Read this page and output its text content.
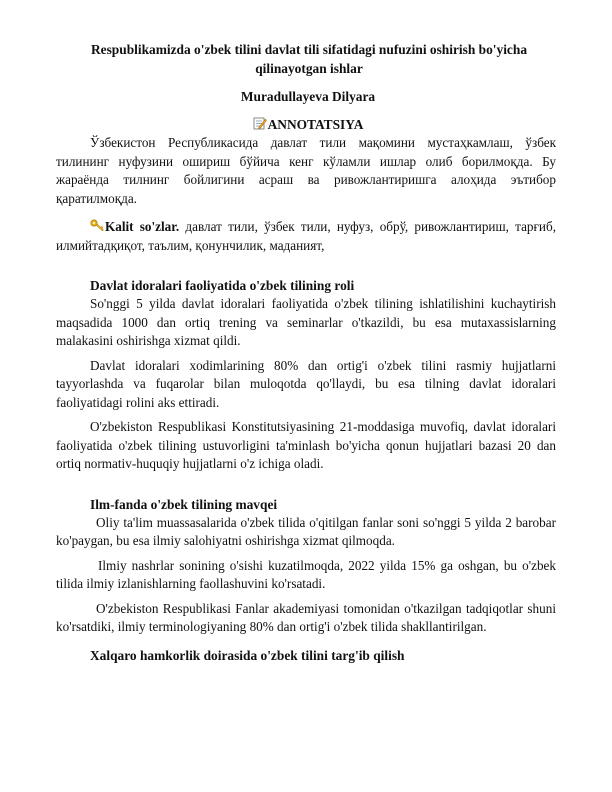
Respublikamizda o'zbek tilini davlat tili sifatidagi nufuzini oshirish bo'yicha qilinayotgan ishlar
Muradullayeva Dilyara
ANNOTATSIYA

Ўзбекистон Республикасида давлат тили мақомини мустаҳкамлаш, ўзбек тилининг нуфузини ошириш бўйича кенг кўламли ишлар олиб борилмоқда. Бу жараёнда тилнинг бойлигини асраш ва ривожлантиришга алоҳида эътибор қаратилмоқда.

Kalit so'zlar. давлат тили, ўзбек тили, нуфуз, обрў, ривожлантириш, тарғиб, илмийтадқиқот, таълим, қонунчилик, маданият,

Davlat idoralari faoliyatida o'zbek tilining roli

So'nggi 5 yilda davlat idoralari faoliyatida o'zbek tilining ishlatilishini kuchaytirish maqsadida 1000 dan ortiq trening va seminarlar o'tkazildi, bu esa mutaxassislarning malakasini oshirishga xizmat qildi.

Davlat idoralari xodimlarining 80% dan ortig'i o'zbek tilini rasmiy hujjatlarni tayyorlashda va fuqarolar bilan muloqotda qo'llaydi, bu esa tilning davlat idoralari faoliyatidagi rolini aks ettiradi.

O'zbekiston Respublikasi Konstitutsiyasining 21-moddasiga muvofiq, davlat idoralari faoliyatida o'zbek tilining ustuvorligini ta'minlash bo'yicha qonun hujjatlari bazasi 20 dan ortiq normativ-huquqiy hujjatlarni o'z ichiga oladi.

Ilm-fanda o'zbek tilining mavqei

Oliy ta'lim muassasalarida o'zbek tilida o'qitilgan fanlar soni so'nggi 5 yilda 2 barobar ko'paygan, bu esa ilmiy salohiyatni oshirishga xizmat qilmoqda.

Ilmiy nashrlar sonining o'sishi kuzatilmoqda, 2022 yilda 15% ga oshgan, bu o'zbek tilida ilmiy izlanishlarning faollashuvini ko'rsatadi.

O'zbekiston Respublikasi Fanlar akademiyasi tomonidan o'tkazilgan tadqiqotlar shuni ko'rsatdiki, ilmiy terminologiyaning 80% dan ortig'i o'zbek tilida shakllantirilgan.

Xalqaro hamkorlik doirasida o'zbek tilini targ'ib qilish
